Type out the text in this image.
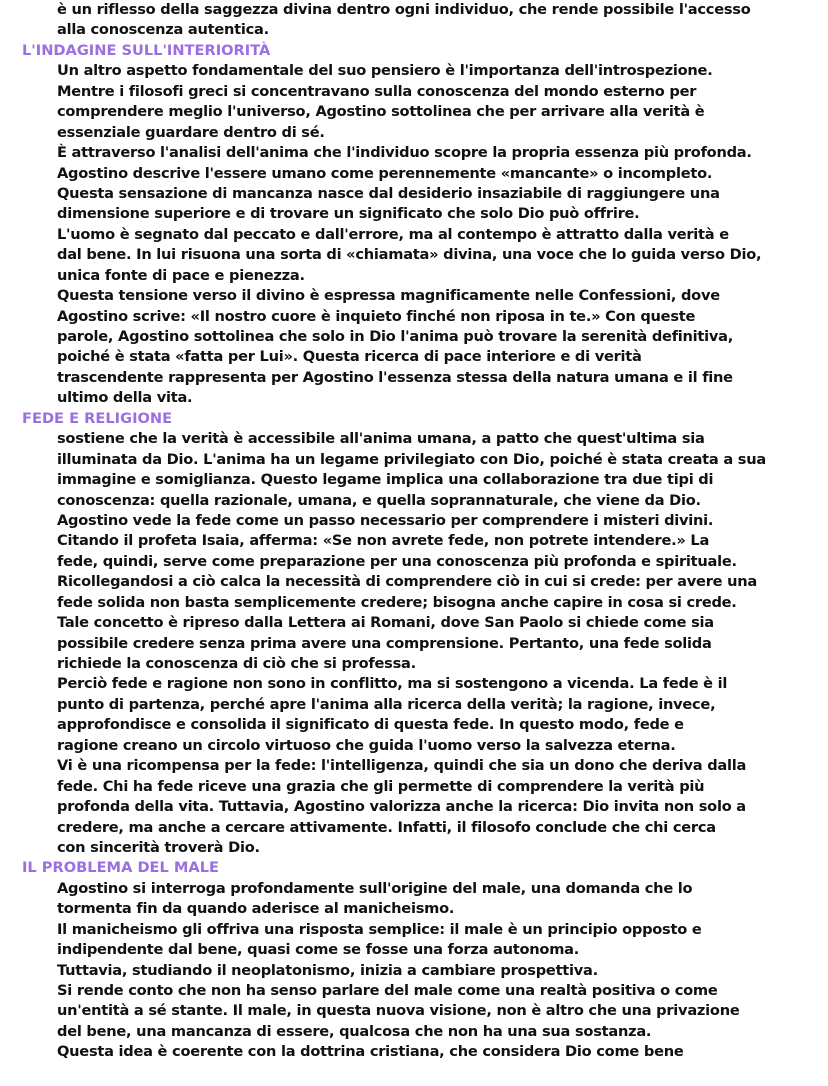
è un riflesso della saggezza divina dentro ogni individuo, che rende possibile l'accesso
alla conoscenza autentica.
L'INDAGINE SULL'INTERIORITÀ
Un altro aspetto fondamentale del suo pensiero è l'importanza dell'introspezione.
Mentre i filosofi greci si concentravano sulla conoscenza del mondo esterno per
comprendere meglio l'universo, Agostino sottolinea che per arrivare alla verità è
essenziale guardare dentro di sé.
È attraverso l'analisi dell'anima che l'individuo scopre la propria essenza più profonda.
Agostino descrive l'essere umano come perennemente «mancante» o incompleto.
Questa sensazione di mancanza nasce dal desiderio insaziabile di raggiungere una
dimensione superiore e di trovare un significato che solo Dio può offrire.
L'uomo è segnato dal peccato e dall'errore, ma al contempo è attratto dalla verità e
dal bene. In lui risuona una sorta di «chiamata» divina, una voce che lo guida verso Dio,
unica fonte di pace e pienezza.
Questa tensione verso il divino è espressa magnificamente nelle Confessioni, dove
Agostino scrive: «Il nostro cuore è inquieto finché non riposa in te.» Con queste
parole, Agostino sottolinea che solo in Dio l'anima può trovare la serenità definitiva,
poiché è stata «fatta per Lui». Questa ricerca di pace interiore e di verità
trascendente rappresenta per Agostino l'essenza stessa della natura umana e il fine
ultimo della vita.
FEDE E RELIGIONE
sostiene che la verità è accessibile all'anima umana, a patto che quest'ultima sia
illuminata da Dio. L'anima ha un legame privilegiato con Dio, poiché è stata creata a sua
immagine e somiglianza. Questo legame implica una collaborazione tra due tipi di
conoscenza: quella razionale, umana, e quella soprannaturale, che viene da Dio.
Agostino vede la fede come un passo necessario per comprendere i misteri divini.
Citando il profeta Isaia, afferma: «Se non avrete fede, non potrete intendere.» La
fede, quindi, serve come preparazione per una conoscenza più profonda e spirituale.
Ricollegandosi a ciò calca la necessità di comprendere ciò in cui si crede: per avere una
fede solida non basta semplicemente credere; bisogna anche capire in cosa si crede.
Tale concetto è ripreso dalla Lettera ai Romani, dove San Paolo si chiede come sia
possibile credere senza prima avere una comprensione. Pertanto, una fede solida
richiede la conoscenza di ciò che si professa.
Perciò fede e ragione non sono in conflitto, ma si sostengono a vicenda. La fede è il
punto di partenza, perché apre l'anima alla ricerca della verità; la ragione, invece,
approfondisce e consolida il significato di questa fede. In questo modo, fede e
ragione creano un circolo virtuoso che guida l'uomo verso la salvezza eterna.
Vi è una ricompensa per la fede: l'intelligenza, quindi che sia un dono che deriva dalla
fede. Chi ha fede riceve una grazia che gli permette di comprendere la verità più
profonda della vita. Tuttavia, Agostino valorizza anche la ricerca: Dio invita non solo a
credere, ma anche a cercare attivamente. Infatti, il filosofo conclude che chi cerca
con sincerità troverà Dio.
IL PROBLEMA DEL MALE
Agostino si interroga profondamente sull'origine del male, una domanda che lo
tormenta fin da quando aderisce al manicheismo.
Il manicheismo gli offriva una risposta semplice: il male è un principio opposto e
indipendente dal bene, quasi come se fosse una forza autonoma.
Tuttavia, studiando il neoplatonismo, inizia a cambiare prospettiva.
Si rende conto che non ha senso parlare del male come una realtà positiva o come
un'entità a sé stante. Il male, in questa nuova visione, non è altro che una privazione
del bene, una mancanza di essere, qualcosa che non ha una sua sostanza.
Questa idea è coerente con la dottrina cristiana, che considera Dio come bene
